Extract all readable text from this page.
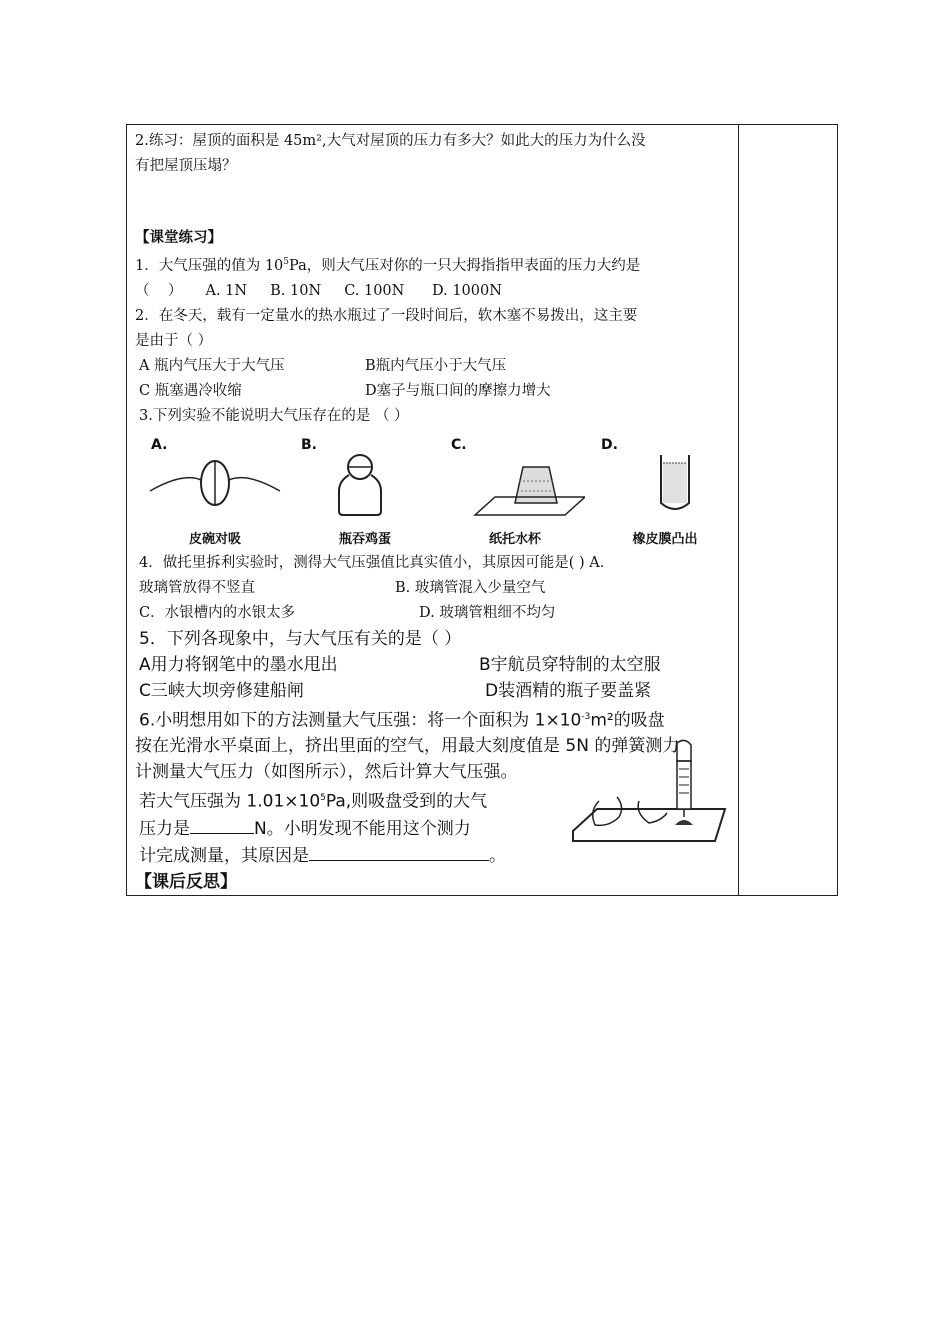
2.练习：屋顶的面积是 45m²,大气对屋顶的压力有多大？如此大的压力为什么没

有把屋顶压塌？

【课堂练习】

1．大气压强的值为 $10^5Pa$，则大气压对你的一只大拇指指甲表面的压力大约是

（    ）     A. 1N     B. 10N     C. 100N      D. 1000N

2．在冬天，载有一定量水的热水瓶过了一段时间后，软木塞不易拨出，这主要

是由于（ ）

A 瓶内气压大于大气压	B瓶内气压小于大气压

C 瓶塞遇冷收缩	D塞子与瓶口间的摩擦力增大

3.下列实验不能说明大气压存在的是 （ ）

A.
皮碗对吸
B.
瓶吞鸡蛋
C.
纸托水杯
D.
橡皮膜凸出

4．做托里拆利实验时，测得大气压强值比真实值小，其原因可能是( ) A．

玻璃管放得不竖直	B. 玻璃管混入少量空气

C．水银槽内的水银太多	D. 玻璃管粗细不均匀

5．下列各现象中，与大气压有关的是（ ）

A用力将钢笔中的墨水甩出	B宇航员穿特制的太空服

C三峡大坝旁修建船闸	D装酒精的瓶子要盖紧

6.小明想用如下的方法测量大气压强：将一个面积为 $1\times 10^{-3}m^2$的吸盘

按在光滑水平桌面上，挤出里面的空气，用最大刻度值是 5N 的弹簧测力

计测量大气压力（如图所示），然后计算大气压强。

若大气压强为 $1.01\times 10^5Pa$,则吸盘受到的大气

压力是	N。小明发现不能用这个测力

计完成测量，其原因是	。

【课后反思】
